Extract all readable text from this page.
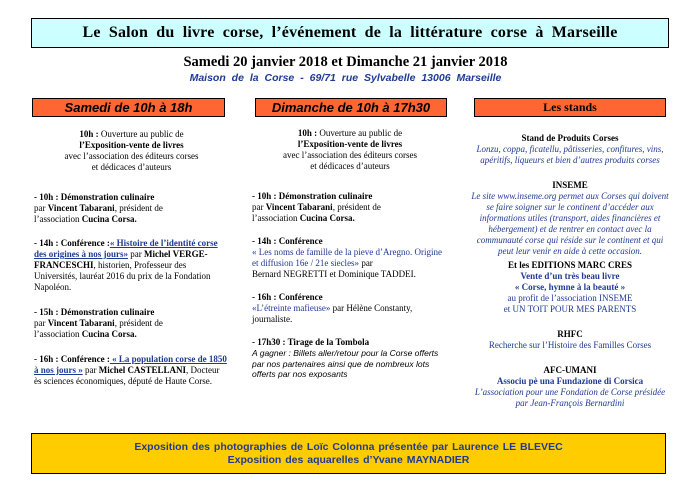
Le Salon du livre corse, l’événement de la littérature corse à Marseille
Samedi 20 janvier 2018 et Dimanche 21 janvier 2018
Maison de la Corse - 69/71 rue Sylvabelle 13006 Marseille
Samedi de 10h à 18h	Dimanche de 10h à 17h30	Les stands
10h : Ouverture au public de
l’Exposition-vente de livres
avec l’association des éditeurs corses
et dédicaces d’auteurs
- 10h : Démonstration culinaire
par Vincent Tabarani, président de
l’association Cucina Corsa.
- 14h : Conférence :« Histoire de l’identité corse des origines à nos jours» par Michel VERGE-FRANCESCHI, historien, Professeur des Universités, lauréat 2016 du prix de la Fondation Napoléon.
- 15h : Démonstration culinaire
par Vincent Tabarani, président de
l’association Cucina Corsa.
- 16h : Conférence : « La population corse de 1850 à nos jours » par Michel CASTELLANI, Docteur ès sciences économiques, député de Haute Corse.
10h : Ouverture au public de
l’Exposition-vente de livres
avec l’association des éditeurs corses
et dédicaces d’auteurs
- 10h : Démonstration culinaire
par Vincent Tabarani, président de
l’association Cucina Corsa.
- 14h : Conférence
« Les noms de famille de la pieve d’Aregno. Origine et diffusion 16e / 21e siecles» par
Bernard NEGRETTI et Dominique TADDEI.
- 16h : Conférence
«L’étreinte mafieuse» par Hélène Constanty,
journaliste.
- 17h30 : Tirage de la Tombola
A gagner : Billets aller/retour pour la Corse offerts par nos partenaires ainsi que de nombreux lots offerts par nos exposants
Stand de Produits Corses
Lonzu, coppa, ficatellu, pâtisseries, confitures, vins, apéritifs, liqueurs et bien d’autres produits corses
INSEME
Le site www.inseme.org permet aux Corses qui doivent se faire soigner sur le continent d’accéder aux informations utiles (transport, aides financières et hébergement) et de rentrer en contact avec la communauté corse qui réside sur le continent et qui peut leur venir en aide à cette occasion.
Et les EDITIONS MARC CRES
Vente d’un très beau livre
« Corse, hymne à la beauté »
au profit de l’association INSEME
et UN TOIT POUR MES PARENTS
RHFC
Recherche sur l’Histoire des Familles Corses
AFC-UMANI
Associu pè una Fundazione di Corsica
L’association pour une Fondation de Corse présidée par Jean-François Bernardini
Exposition des photographies de Loïc Colonna présentée par Laurence LE BLEVEC
Exposition des aquarelles d’Yvane MAYNADIER
